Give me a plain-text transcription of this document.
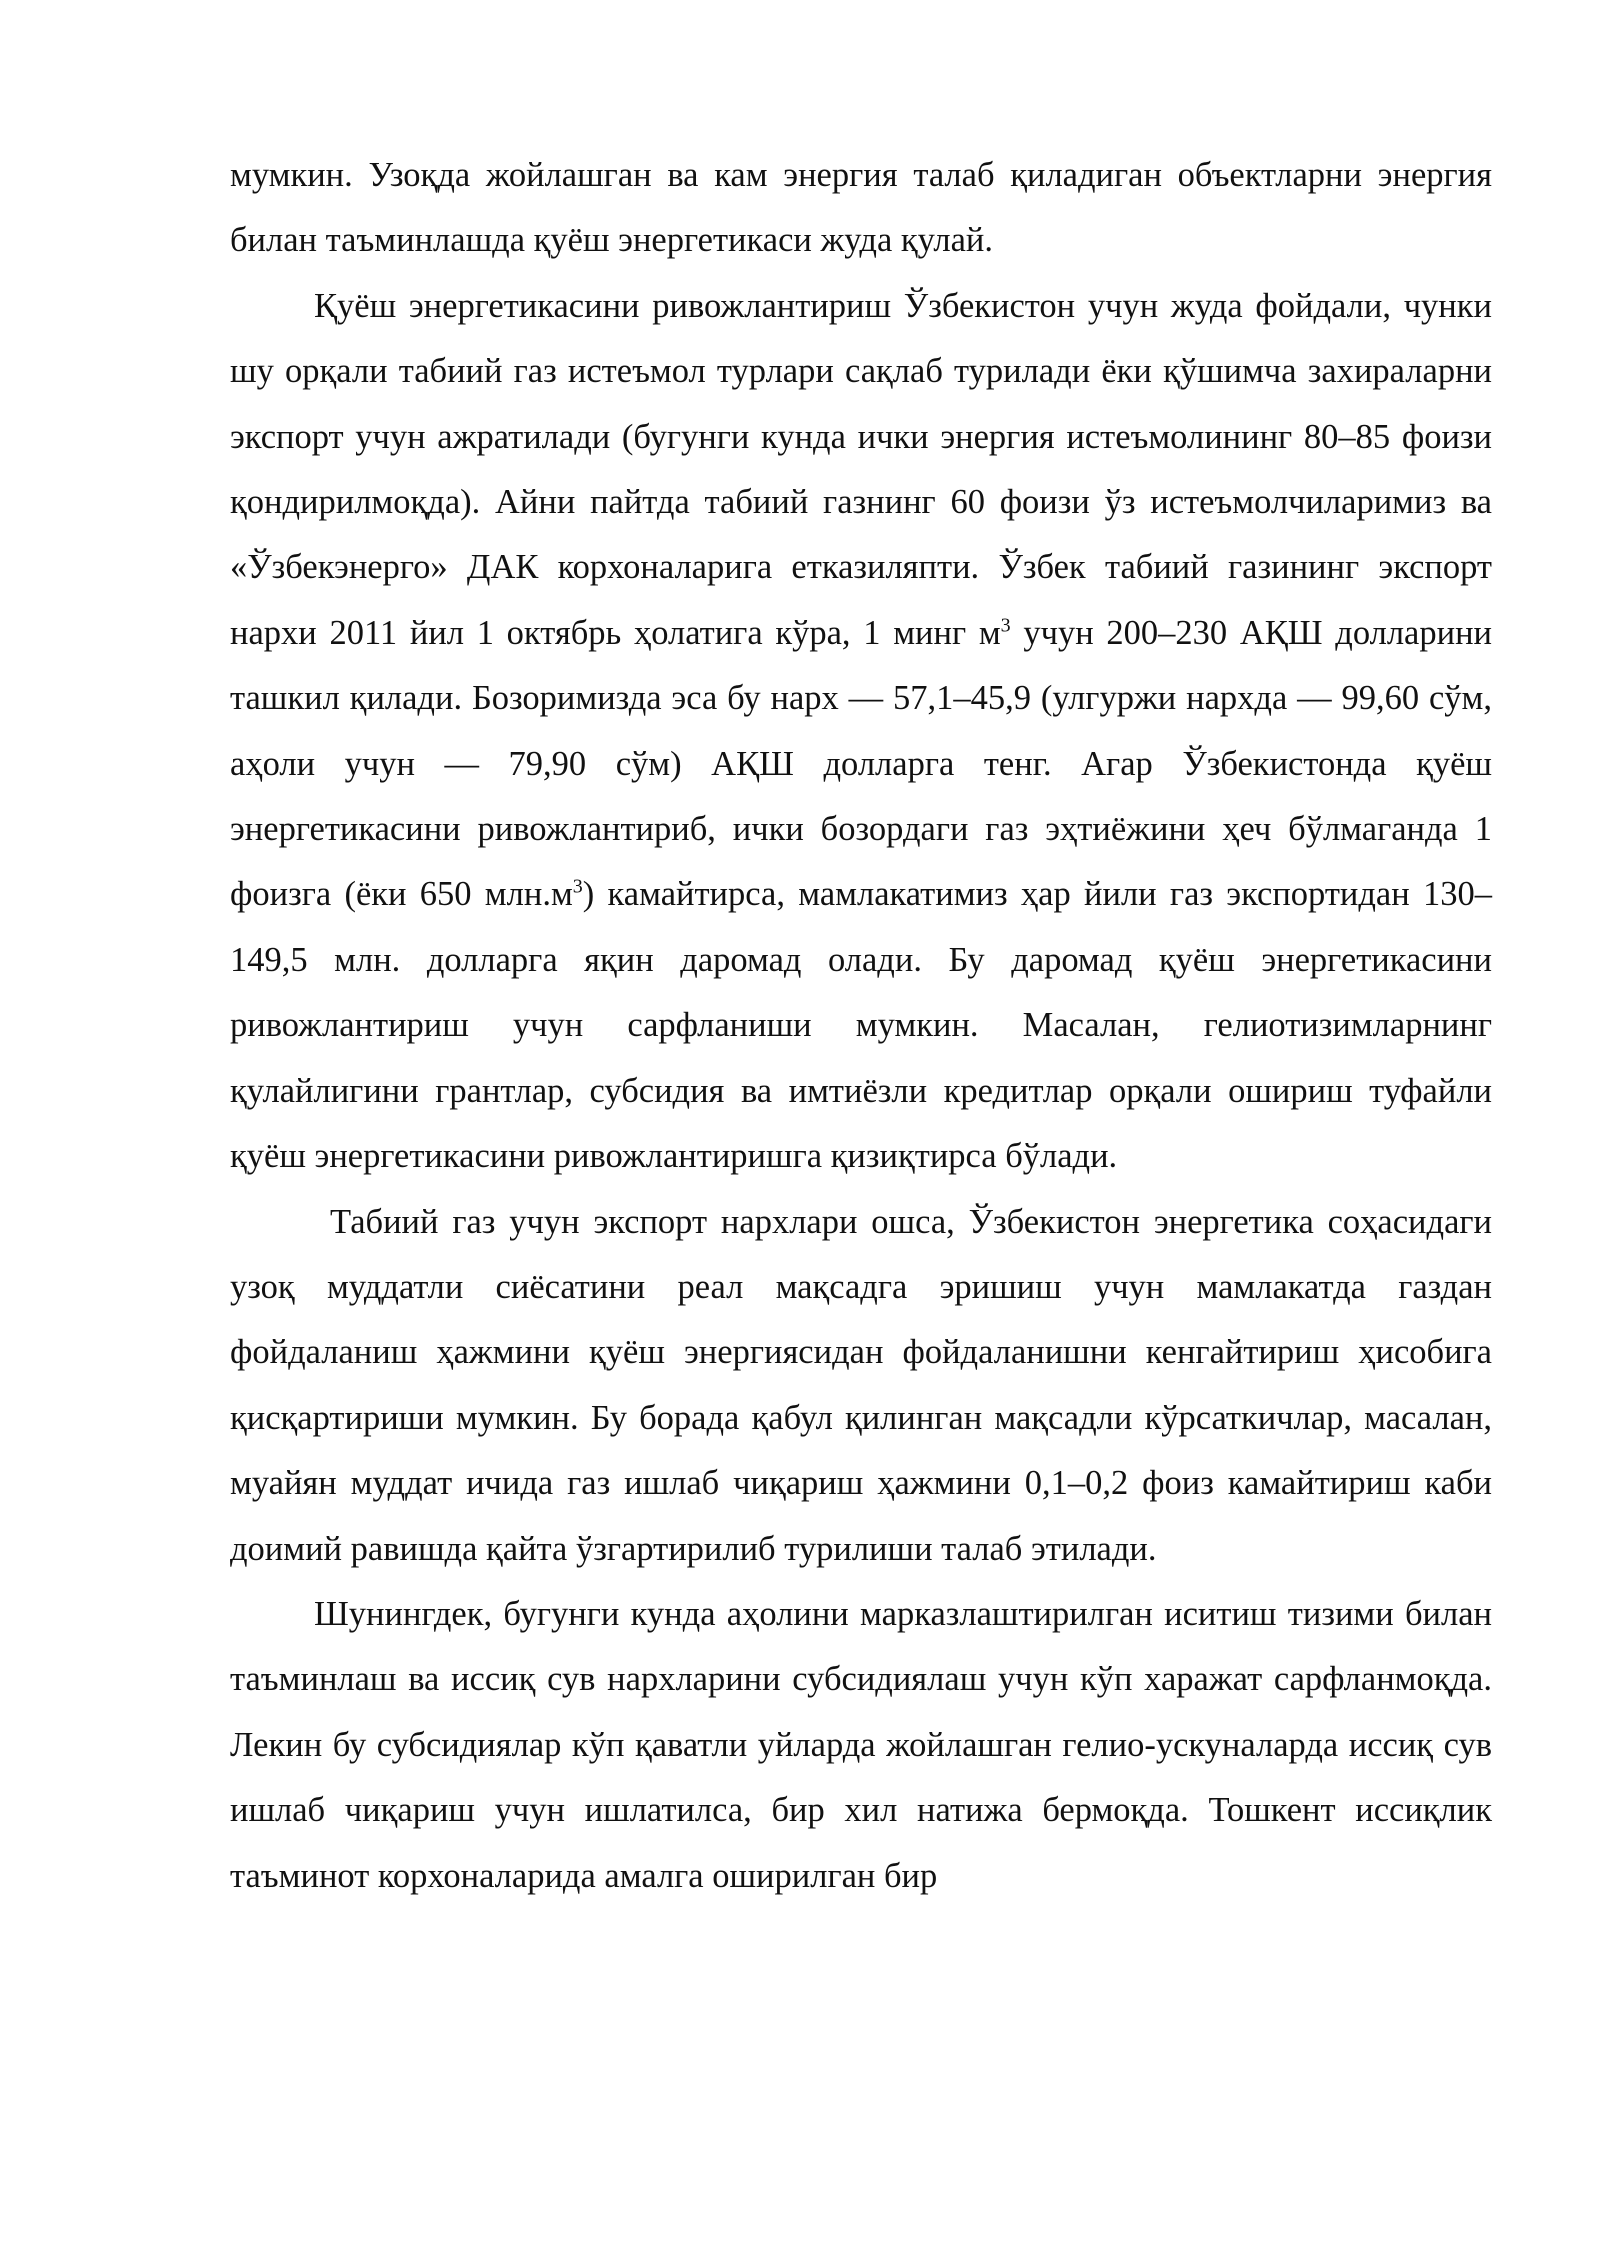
мумкин. Узоқда жойлашган ва кам энергия талаб қиладиган объектларни энергия билан таъминлашда қуёш энергетикаси жуда қулай.

Қуёш энергетикасини ривожлантириш Ўзбекистон учун жуда фойдали, чунки шу орқали табиий газ истеъмол турлари сақлаб турилади ёки қўшимча захираларни экспорт учун ажратилади (бугунги кунда ички энергия истеъмолининг 80–85 фоизи қондирилмоқда). Айни пайтда табиий газнинг 60 фоизи ўз истеъмолчиларимиз ва «Ўзбекэнерго» ДАК корхоналарига етказиляпти. Ўзбек табиий газининг экспорт нархи 2011 йил 1 октябрь ҳолатига кўра, 1 минг $м^3$ учун 200–230 АҚШ долларини ташкил қилади. Бозоримизда эса бу нарх — 57,1–45,9 (улгуржи нархда — 99,60 сўм, аҳоли учун — 79,90 сўм) АҚШ долларга тенг. Агар Ўзбекистонда қуёш энергетикасини ривожлантириб, ички бозордаги газ эҳтиёжини ҳеч бўлмаганда 1 фоизга (ёки 650 $млн.м^3$) камайтирса, мамлакатимиз ҳар йили газ экспортидан 130–149,5 млн. долларга яқин даромад олади. Бу даромад қуёш энергетикасини ривожлантириш учун сарфланиши мумкин. Масалан, гелиотизимларнинг қулайлигини грантлар, субсидия ва имтиёзли кредитлар орқали ошириш туфайли қуёш энергетикасини ривожлантиришга қизиқтирса бўлади.

Табиий газ учун экспорт нархлари ошса, Ўзбекистон энергетика соҳасидаги узоқ муддатли сиёсатини реал мақсадга эришиш учун мамлакатда газдан фойдаланиш ҳажмини қуёш энергиясидан фойдаланишни кенгайтириш ҳисобига қисқартириши мумкин. Бу борада қабул қилинган мақсадли кўрсаткичлар, масалан, муайян муддат ичида газ ишлаб чиқариш ҳажмини 0,1–0,2 фоиз камайтириш каби доимий равишда қайта ўзгартирилиб турилиши талаб этилади.

Шунингдек, бугунги кунда аҳолини марказлаштирилган иситиш тизими билан таъминлаш ва иссиқ сув нархларини субсидиялаш учун кўп харажат сарфланмоқда. Лекин бу субсидиялар кўп қаватли уйларда жойлашган гелио-ускуналарда иссиқ сув ишлаб чиқариш учун ишлатилса, бир хил натижа бермоқда. Тошкент иссиқлик таъминот корхоналарида амалга оширилган бир
